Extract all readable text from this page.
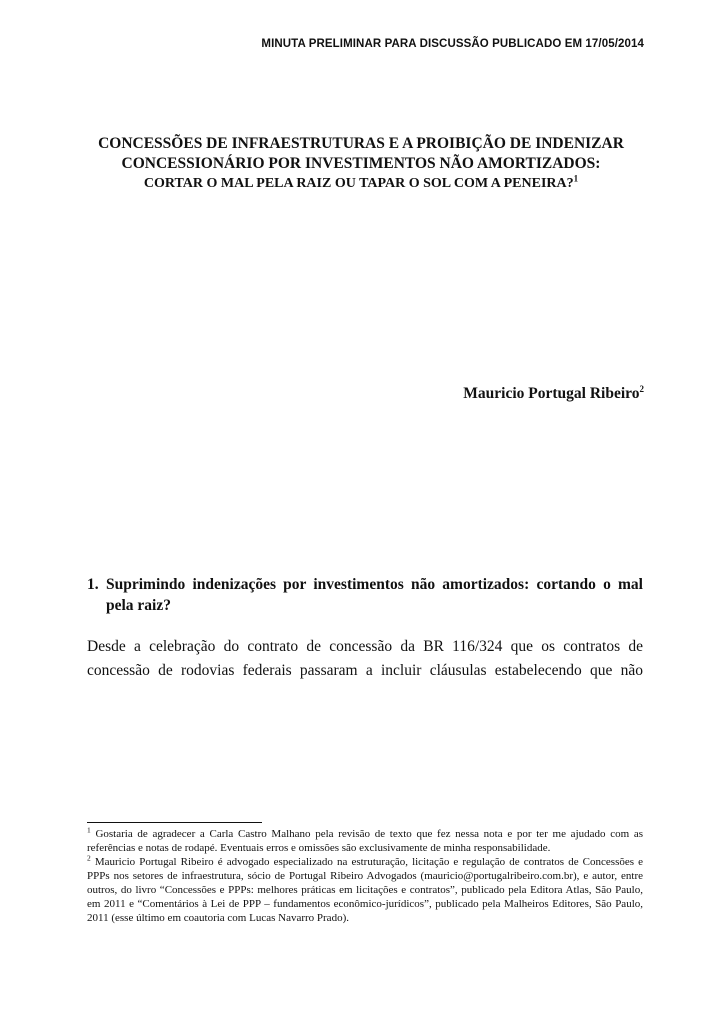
MINUTA PRELIMINAR PARA DISCUSSÃO PUBLICADO EM 17/05/2014
CONCESSÕES DE INFRAESTRUTURAS E A PROIBIÇÃO DE INDENIZAR
CONCESSIONÁRIO POR INVESTIMENTOS NÃO AMORTIZADOS:
CORTAR O MAL PELA RAIZ OU TAPAR O SOL COM A PENEIRA?$^1$
Mauricio Portugal Ribeiro$^2$
1. Suprimindo indenizações por investimentos não amortizados: cortando o mal pela raiz?
Desde a celebração do contrato de concessão da BR 116/324 que os contratos de concessão de rodovias federais passaram a incluir cláusulas estabelecendo que não

$^1$ Gostaria de agradecer a Carla Castro Malhano pela revisão de texto que fez nessa nota e por ter me ajudado com as referências e notas de rodapé. Eventuais erros e omissões são exclusivamente de minha responsabilidade.

$^2$ Mauricio Portugal Ribeiro é advogado especializado na estruturação, licitação e regulação de contratos de Concessões e PPPs nos setores de infraestrutura, sócio de Portugal Ribeiro Advogados (mauricio@portugalribeiro.com.br), e autor, entre outros, do livro “Concessões e PPPs: melhores práticas em licitações e contratos”, publicado pela Editora Atlas, São Paulo, em 2011 e “Comentários à Lei de PPP – fundamentos econômico-jurídicos”, publicado pela Malheiros Editores, São Paulo, 2011 (esse último em coautoria com Lucas Navarro Prado).
